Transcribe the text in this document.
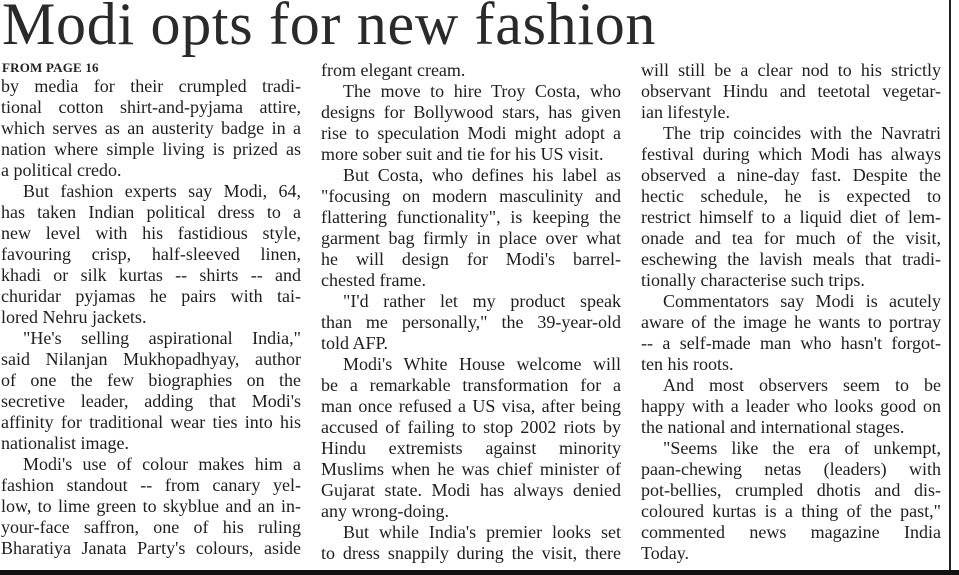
Modi opts for new fashion
FROM PAGE 16
by media for their crumpled tradi-
tional cotton shirt-and-pyjama attire,
which serves as an austerity badge in a
nation where simple living is prized as
a political credo.
But fashion experts say Modi, 64,
has taken Indian political dress to a
new level with his fastidious style,
favouring crisp, half-sleeved linen,
khadi or silk kurtas -- shirts -- and
churidar pyjamas he pairs with tai-
lored Nehru jackets.
"He's selling aspirational India,"
said Nilanjan Mukhopadhyay, author
of one the few biographies on the
secretive leader, adding that Modi's
affinity for traditional wear ties into his
nationalist image.
Modi's use of colour makes him a
fashion standout -- from canary yel-
low, to lime green to skyblue and an in-
your-face saffron, one of his ruling
Bharatiya Janata Party's colours, aside
from elegant cream.
The move to hire Troy Costa, who
designs for Bollywood stars, has given
rise to speculation Modi might adopt a
more sober suit and tie for his US visit.
But Costa, who defines his label as
"focusing on modern masculinity and
flattering functionality", is keeping the
garment bag firmly in place over what
he will design for Modi's barrel-
chested frame.
"I'd rather let my product speak
than me personally," the 39-year-old
told AFP.
Modi's White House welcome will
be a remarkable transformation for a
man once refused a US visa, after being
accused of failing to stop 2002 riots by
Hindu extremists against minority
Muslims when he was chief minister of
Gujarat state. Modi has always denied
any wrong-doing.
But while India's premier looks set
to dress snappily during the visit, there
will still be a clear nod to his strictly
observant Hindu and teetotal vegetar-
ian lifestyle.
The trip coincides with the Navratri
festival during which Modi has always
observed a nine-day fast. Despite the
hectic schedule, he is expected to
restrict himself to a liquid diet of lem-
onade and tea for much of the visit,
eschewing the lavish meals that tradi-
tionally characterise such trips.
Commentators say Modi is acutely
aware of the image he wants to portray
-- a self-made man who hasn't forgot-
ten his roots.
And most observers seem to be
happy with a leader who looks good on
the national and international stages.
"Seems like the era of unkempt,
paan-chewing netas (leaders) with
pot-bellies, crumpled dhotis and dis-
coloured kurtas is a thing of the past,"
commented news magazine India
Today.
